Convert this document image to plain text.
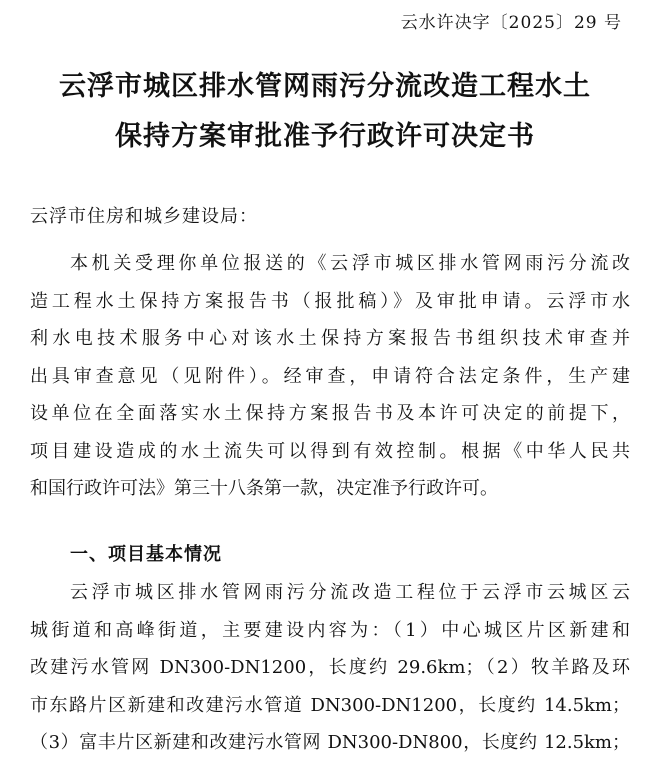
云水许决字〔2025〕29 号
云浮市城区排水管网雨污分流改造工程水土
保持方案审批准予行政许可决定书
云浮市住房和城乡建设局：
本机关受理你单位报送的《云浮市城区排水管网雨污分流改
造工程水土保持方案报告书（报批稿）》及审批申请。云浮市水
利水电技术服务中心对该水土保持方案报告书组织技术审查并
出具审查意见（见附件）。经审查，申请符合法定条件，生产建
设单位在全面落实水土保持方案报告书及本许可决定的前提下，
项目建设造成的水土流失可以得到有效控制。根据《中华人民共
和国行政许可法》第三十八条第一款，决定准予行政许可。
一、项目基本情况
云浮市城区排水管网雨污分流改造工程位于云浮市云城区云
城街道和高峰街道，主要建设内容为：（1）中心城区片区新建和
改建污水管网 DN300-DN1200，长度约 29.6km；（2）牧羊路及环
市东路片区新建和改建污水管道 DN300-DN1200，长度约 14.5km；
（3）富丰片区新建和改建污水管网 DN300-DN800，长度约 12.5km；
